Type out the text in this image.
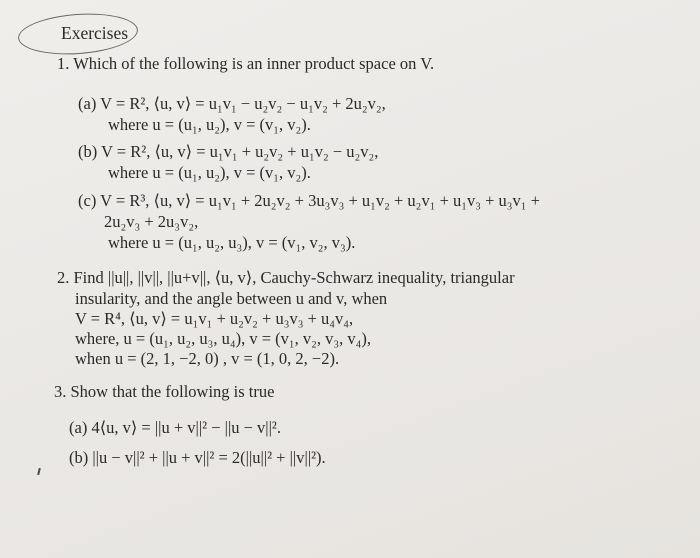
Exercises
1. Which of the following is an inner product space on V.
(a) V = R², ⟨u, v⟩ = u₁v₁ − u₂v₂ − u₁v₂ + 2u₂v₂,
where u = (u₁, u₂), v = (v₁, v₂).
(b) V = R², ⟨u, v⟩ = u₁v₁ + u₂v₂ + u₁v₂ − u₂v₂,
where u = (u₁, u₂), v = (v₁, v₂).
(c) V = R³, ⟨u, v⟩ = u₁v₁ + 2u₂v₂ + 3u₃v₃ + u₁v₂ + u₂v₁ + u₁v₃ + u₃v₁ +
2u₂v₃ + 2u₃v₂,
where u = (u₁, u₂, u₃), v = (v₁, v₂, v₃).
2. Find ||u||, ||v||, ||u+v||, ⟨u, v⟩, Cauchy-Schwarz inequality, triangular
insularity, and the angle between u and v, when
V = R⁴, ⟨u, v⟩ = u₁v₁ + u₂v₂ + u₃v₃ + u₄v₄,
where, u = (u₁, u₂, u₃, u₄), v = (v₁, v₂, v₃, v₄),
when u = (2, 1, −2, 0) , v = (1, 0, 2, −2).
3. Show that the following is true
(a) 4⟨u, v⟩ = ||u + v||² − ||u − v||².
(b) ||u − v||² + ||u + v||² = 2(||u||² + ||v||²).
